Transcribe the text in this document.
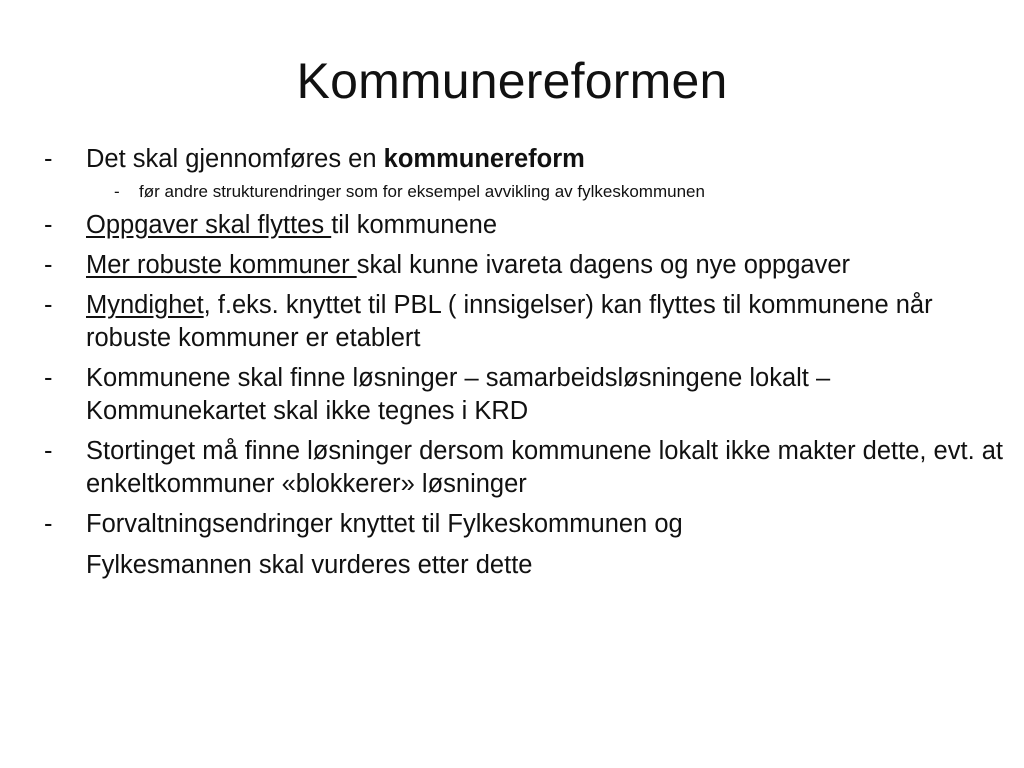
Kommunereformen
- Det skal gjennomføres en kommunereform
- før andre strukturendringer som for eksempel avvikling av fylkeskommunen
- Oppgaver skal flyttes til kommunene
- Mer robuste kommuner skal kunne ivareta dagens og nye oppgaver
- Myndighet, f.eks. knyttet til PBL ( innsigelser) kan flyttes til kommunene når robuste kommuner er etablert
- Kommunene skal finne løsninger – samarbeidsløsningene lokalt – Kommunekartet skal ikke tegnes i KRD
- Stortinget må finne løsninger dersom kommunene lokalt ikke makter dette, evt. at enkeltkommuner «blokkerer» løsninger
- Forvaltningsendringer knyttet til Fylkeskommunen og
Fylkesmannen skal vurderes etter dette
